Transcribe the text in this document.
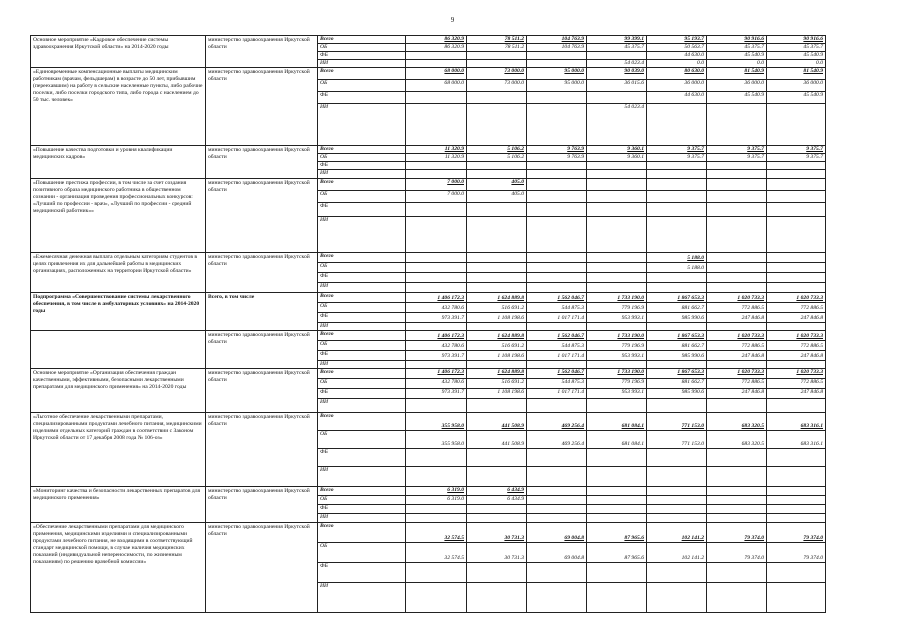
9
Основное мероприятие «Кадровое обеспечение системы здравоохранения Иркутской области» на 2014-2020 годы	министерство здравоохранения Иркутской области	Всего	86 320.9	78 511.2	104 763.9	99 399.1	95 193.7	90 916.6	90 916.6
		ОБ	86 320.9	78 511.2	104 763.9	45 375.7	50 563.7	45 375.7	45 375.7
		ФБ					44 630.0	45 540.9	45 540.9
		ИИ				54 023.4	0.0	0.0	0.0
«Единовременные компенсационные выплаты медицинским работникам (врачам, фельдшерам) в возрасте до 50 лет, прибывшим (переехавшим) на работу в сельские населенные пункты, либо рабочие поселки, либо поселки городского типа, либо города с населением до 50 тыс. человек»	министерство здравоохранения Иркутской области	Всего	68 000.0	73 000.0	95 000.0	90 039.0	80 630.0	81 540.9	81 540.9
		ОБ	68 000.0	73 000.0	95 000.0	36 015.6	36 000.0	36 000.0	36 000.0
		ФБ					44 630.0	45 540.9	45 540.9
		ИИ				54 023.4			
«Повышение качества подготовки и уровня квалификации медицинских кадров»	министерство здравоохранения Иркутской области	Всего	11 320.9	5 106.2	9 763.9	9 360.1	9 375.7	9 375.7	9 375.7
		ОБ	11 320.9	5 106.2	9 763.9	9 360.1	9 375.7	9 375.7	9 375.7
		ФБ							
		ИИ							
«Повышение престижа профессии, в том числе за счет создания позитивного образа медицинского работника в общественном сознании - организация проведения профессиональных конкурсов: «Лучший по профессии - врач», «Лучший по профессии - средний медицинский работник»»	министерство здравоохранения Иркутской области	Всего	7 000.0	405.0					
		ОБ	7 000.0	405.0					
		ФБ							
		ИИ							
«Ежемесячная денежная выплата отдельным категориям студентов в целях привлечения их для дальнейшей работы в медицинских организациях, расположенных на территории Иркутской области»	министерство здравоохранения Иркутской области	Всего					5 188.0		
		ОБ					5 188.0		
		ФБ							
		ИИ							
Подпрограмма «Совершенствование системы лекарственного обеспечения, в том числе в амбулаторных условиях» на 2014-2020 годы	Всего, в том числе	Всего	1 406 172.3	1 624 889.8	1 562 046.7	1 733 190.0	1 867 653.3	1 020 733.3	1 020 733.3
		ОБ	432 780.6	516 691.2	544 875.3	779 196.9	881 662.7	772 886.5	772 886.5
		ФБ	973 391.7	1 108 198.6	1 017 171.4	953 993.1	985 990.6	247 846.8	247 846.8
		ИИ							
	министерство здравоохранения Иркутской области	Всего	1 406 172.3	1 624 889.8	1 562 046.7	1 733 190.0	1 867 653.3	1 020 733.3	1 020 733.3
		ОБ	432 780.6	516 691.2	544 875.3	779 196.9	881 662.7	772 886.5	772 886.5
		ФБ	973 391.7	1 108 198.6	1 017 171.4	953 993.1	985 990.6	247 846.8	247 846.8
		ИИ							
Основное мероприятие «Организация обеспечения граждан качественными, эффективными, безопасными лекарственными препаратами для медицинского применения» на 2014-2020 годы	министерство здравоохранения Иркутской области	Всего	1 406 172.3	1 624 889.8	1 562 046.7	1 733 190.0	1 867 653.3	1 020 733.3	1 020 733.3
		ОБ	432 780.6	516 691.2	544 875.3	779 196.9	881 662.7	772 886.5	772 886.5
		ФБ	973 391.7	1 108 198.6	1 017 171.4	953 993.1	985 990.6	247 846.8	247 846.8
		ИИ							
«Льготное обеспечение лекарственными препаратами, специализированными продуктами лечебного питания, медицинскими изделиями отдельных категорий граждан в соответствии с Законом Иркутской области от 17 декабря 2008 года № 106-оз»	министерство здравоохранения Иркутской области	Всего	355 958.0	441 508.9	469 256.4	681 084.1	771 153.0	683 320.5	683 316.1
		ОБ	355 958.0	441 508.9	469 256.4	681 084.1	771 153.0	683 320.5	683 316.1
		ФБ							
		ИИ							
«Мониторинг качества и безопасности лекарственных препаратов для медицинского применения»	министерство здравоохранения Иркутской области	Всего	6 319.0	6 434.9					
		ОБ	6 319.0	6 434.9					
		ФБ							
		ИИ							
«Обеспечение лекарственными препаратами для медицинского применения, медицинскими изделиями и специализированными продуктами лечебного питания, не входящими в соответствующий стандарт медицинской помощи, в случае наличия медицинских показаний (индивидуальной непереносимости, по жизненным показаниям) по решению врачебной комиссии»	министерство здравоохранения Иркутской области	Всего	32 574.5	30 731.3	69 004.8	87 965.6	102 141.2	79 374.0	79 374.0
		ОБ	32 574.5	30 731.3	69 004.8	87 965.6	102 141.2	79 374.0	79 374.0
		ФБ							
		ИИ							
